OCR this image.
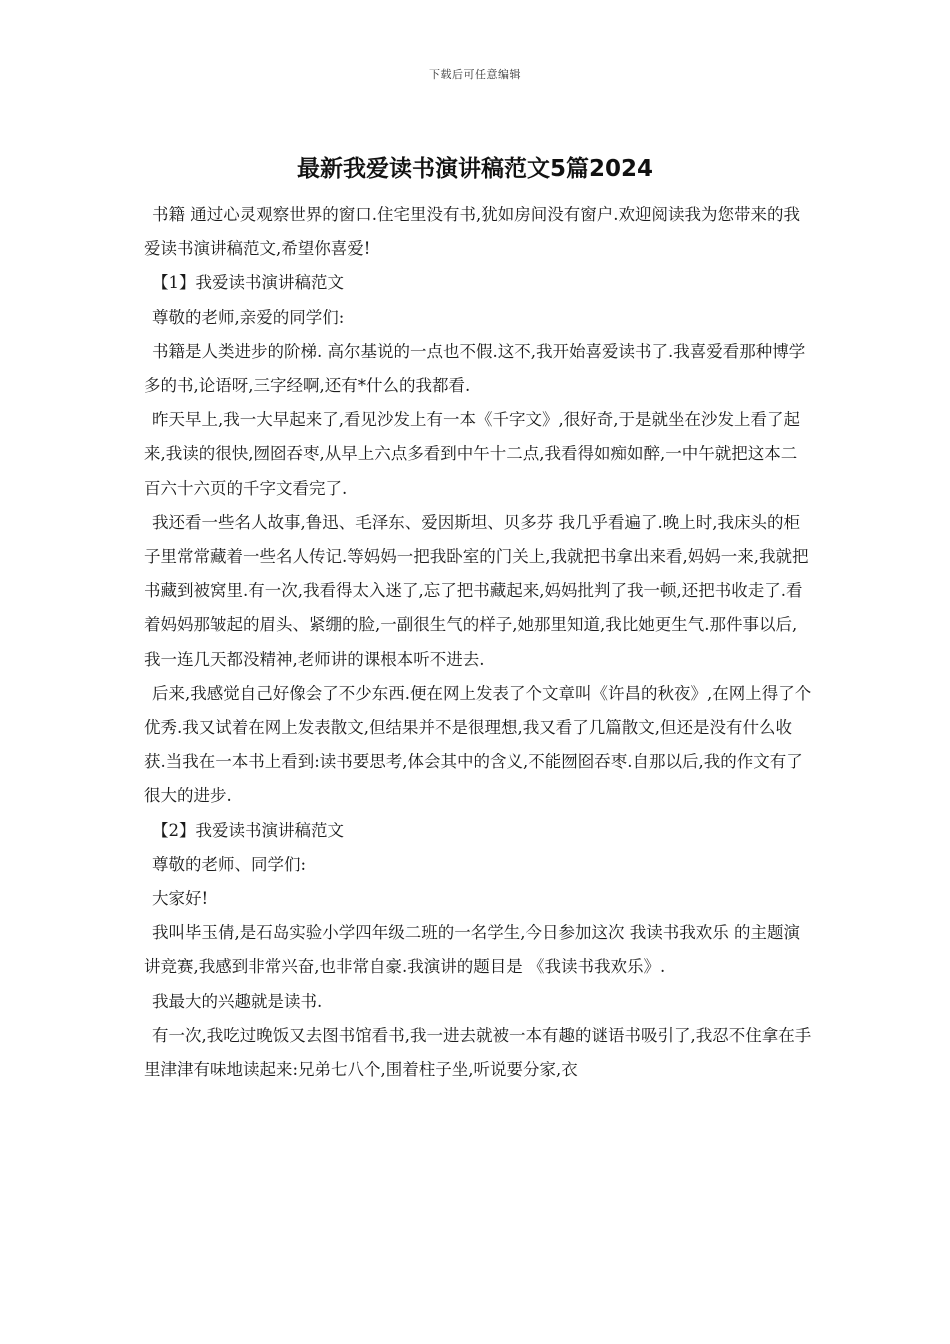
下载后可任意编辑
最新我爱读书演讲稿范文5篇2024

书籍 通过心灵观察世界的窗口.住宅里没有书,犹如房间没有窗户.欢迎阅读我为您带来的我爱读书演讲稿范文,希望你喜爱!

【1】我爱读书演讲稿范文

尊敬的老师,亲爱的同学们:

书籍是人类进步的阶梯. 高尔基说的一点也不假.这不,我开始喜爱读书了.我喜爱看那种博学多的书,论语呀,三字经啊,还有*什么的我都看.

昨天早上,我一大早起来了,看见沙发上有一本《千字文》,很好奇,于是就坐在沙发上看了起来,我读的很快,囫囵吞枣,从早上六点多看到中午十二点,我看得如痴如醉,一中午就把这本二百六十六页的千字文看完了.

我还看一些名人故事,鲁迅、毛泽东、爱因斯坦、贝多芬 我几乎看遍了.晚上时,我床头的柜子里常常藏着一些名人传记.等妈妈一把我卧室的门关上,我就把书拿出来看,妈妈一来,我就把书藏到被窝里.有一次,我看得太入迷了,忘了把书藏起来,妈妈批判了我一顿,还把书收走了.看着妈妈那皱起的眉头、紧绷的脸,一副很生气的样子,她那里知道,我比她更生气.那件事以后,我一连几天都没精神,老师讲的课根本听不进去.

后来,我感觉自己好像会了不少东西.便在网上发表了个文章叫《许昌的秋夜》,在网上得了个优秀.我又试着在网上发表散文,但结果并不是很理想,我又看了几篇散文,但还是没有什么收获.当我在一本书上看到:读书要思考,体会其中的含义,不能囫囵吞枣.自那以后,我的作文有了很大的进步.

【2】我爱读书演讲稿范文

尊敬的老师、同学们:

大家好!

我叫毕玉倩,是石岛实验小学四年级二班的一名学生,今日参加这次 我读书我欢乐 的主题演讲竞赛,我感到非常兴奋,也非常自豪.我演讲的题目是 《我读书我欢乐》.

我最大的兴趣就是读书.

有一次,我吃过晚饭又去图书馆看书,我一进去就被一本有趣的谜语书吸引了,我忍不住拿在手里津津有味地读起来:兄弟七八个,围着柱子坐,听说要分家,衣
